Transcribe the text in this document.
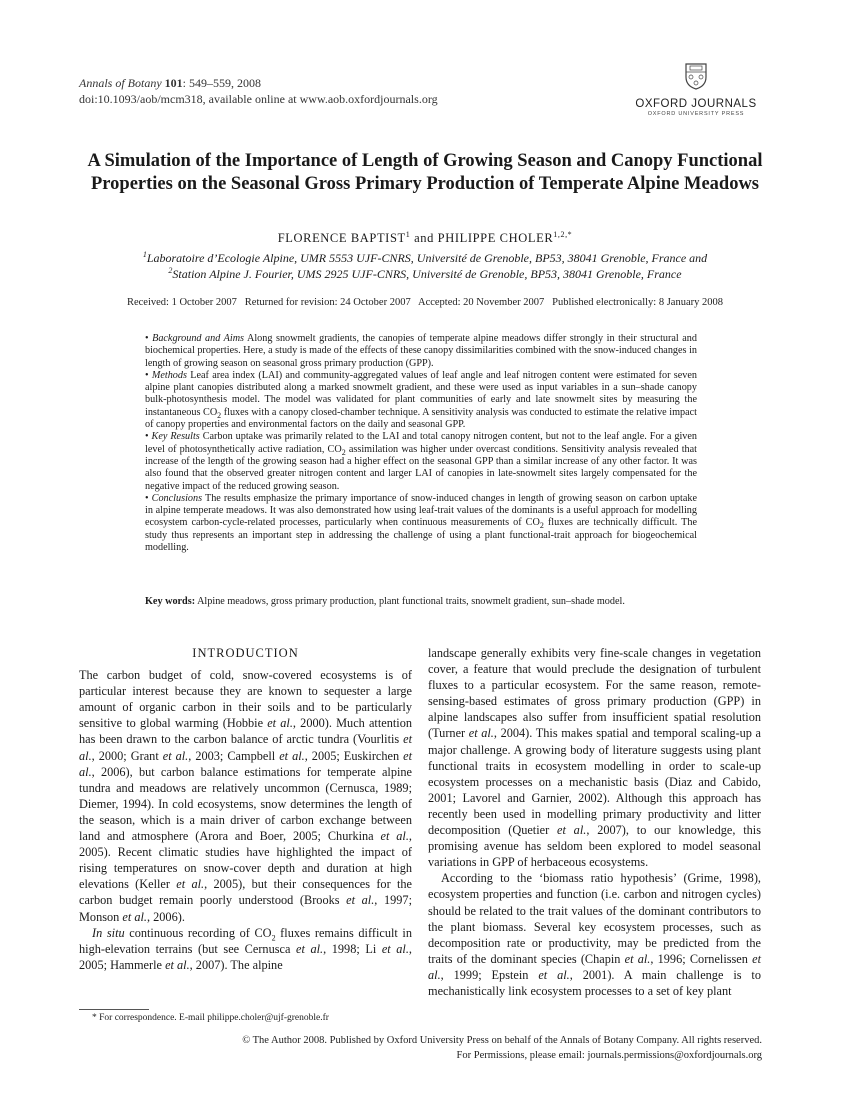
Annals of Botany 101: 549–559, 2008
doi:10.1093/aob/mcm318, available online at www.aob.oxfordjournals.org	OXFORD JOURNALS
OXFORD UNIVERSITY PRESS
A Simulation of the Importance of Length of Growing Season and Canopy Functional Properties on the Seasonal Gross Primary Production of Temperate Alpine Meadows
FLORENCE BAPTIST$^1$ and PHILIPPE $CHOLER^{1,2,*}$
$^1$Laboratoire d’Ecologie Alpine, UMR 5553 UJF-CNRS, Université de Grenoble, BP53, 38041 Grenoble, France and
$^2$Station Alpine J. Fourier, UMS 2925 UJF-CNRS, Université de Grenoble, BP53, 38041 Grenoble, France
Received: 1 October 2007   Returned for revision: 24 October 2007   Accepted: 20 November 2007   Published electronically: 8 January 2008

• Background and Aims Along snowmelt gradients, the canopies of temperate alpine meadows differ strongly in their structural and biochemical properties. Here, a study is made of the effects of these canopy dissimilarities combined with the snow-induced changes in length of growing season on seasonal gross primary production (GPP).

• Methods Leaf area index (LAI) and community-aggregated values of leaf angle and leaf nitrogen content were estimated for seven alpine plant canopies distributed along a marked snowmelt gradient, and these were used as input variables in a sun–shade canopy bulk-photosynthesis model. The model was validated for plant communities of early and late snowmelt sites by measuring the instantaneous $CO_2$ fluxes with a canopy closed-chamber technique. A sensitivity analysis was conducted to estimate the relative impact of canopy properties and environmental factors on the daily and seasonal GPP.

• Key Results Carbon uptake was primarily related to the LAI and total canopy nitrogen content, but not to the leaf angle. For a given level of photosynthetically active radiation, $CO_2$ assimilation was higher under overcast conditions. Sensitivity analysis revealed that increase of the length of the growing season had a higher effect on the seasonal GPP than a similar increase of any other factor. It was also found that the observed greater nitrogen content and larger LAI of canopies in late-snowmelt sites largely compensated for the negative impact of the reduced growing season.

• Conclusions The results emphasize the primary importance of snow-induced changes in length of growing season on carbon uptake in alpine temperate meadows. It was also demonstrated how using leaf-trait values of the dominants is a useful approach for modelling ecosystem carbon-cycle-related processes, particularly when continuous measurements of $CO_2$ fluxes are technically difficult. The study thus represents an important step in addressing the challenge of using a plant functional-trait approach for biogeochemical modelling.

Key words: Alpine meadows, gross primary production, plant functional traits, snowmelt gradient, sun–shade model.
INTRODUCTION

The carbon budget of cold, snow-covered ecosystems is of particular interest because they are known to sequester a large amount of organic carbon in their soils and to be particularly sensitive to global warming (Hobbie et al., 2000). Much attention has been drawn to the carbon balance of arctic tundra (Vourlitis et al., 2000; Grant et al., 2003; Campbell et al., 2005; Euskirchen et al., 2006), but carbon balance estimations for temperate alpine tundra and meadows are relatively uncommon (Cernusca, 1989; Diemer, 1994). In cold ecosystems, snow determines the length of the season, which is a main driver of carbon exchange between land and atmosphere (Arora and Boer, 2005; Churkina et al., 2005). Recent climatic studies have highlighted the impact of rising temperatures on snow-cover depth and duration at high elevations (Keller et al., 2005), but their consequences for the carbon budget remain poorly understood (Brooks et al., 1997; Monson et al., 2006).

In situ continuous recording of $CO_2$ fluxes remains difficult in high-elevation terrains (but see Cernusca et al., 1998; Li et al., 2005; Hammerle et al., 2007). The alpine

landscape generally exhibits very fine-scale changes in vegetation cover, a feature that would preclude the designation of turbulent fluxes to a particular ecosystem. For the same reason, remote-sensing-based estimates of gross primary production (GPP) in alpine landscapes also suffer from insufficient spatial resolution (Turner et al., 2004). This makes spatial and temporal scaling-up a major challenge. A growing body of literature suggests using plant functional traits in ecosystem modelling in order to scale-up ecosystem processes on a mechanistic basis (Diaz and Cabido, 2001; Lavorel and Garnier, 2002). Although this approach has recently been used in modelling primary productivity and litter decomposition (Quetier et al., 2007), to our knowledge, this promising avenue has seldom been explored to model seasonal variations in GPP of herbaceous ecosystems.

According to the ‘biomass ratio hypothesis’ (Grime, 1998), ecosystem properties and function (i.e. carbon and nitrogen cycles) should be related to the trait values of the dominant contributors to the plant biomass. Several key ecosystem processes, such as decomposition rate or productivity, may be predicted from the traits of the dominant species (Chapin et al., 1996; Cornelissen et al., 1999; Epstein et al., 2001). A main challenge is to mechanistically link ecosystem processes to a set of key plant

* For correspondence. E-mail philippe.choler@ujf-grenoble.fr
© The Author 2008. Published by Oxford University Press on behalf of the Annals of Botany Company. All rights reserved.
For Permissions, please email: journals.permissions@oxfordjournals.org
